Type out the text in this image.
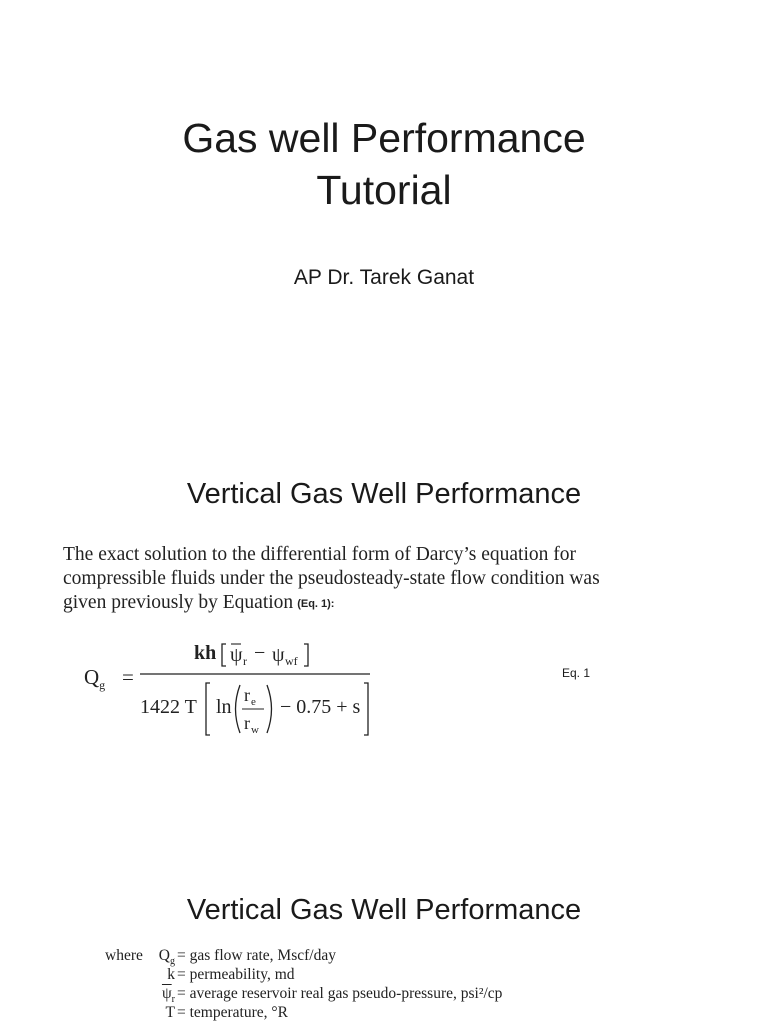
Gas well Performance
Tutorial
AP Dr. Tarek Ganat
Vertical Gas Well Performance
The exact solution to the differential form of Darcy’s equation for
compressible fluids under the pseudosteady-state flow condition was
given previously by Equation (Eq. 1):
$Q_g$ =
kh ψ r − ψ wf
1422 T ln
r e
r w
− 0.75 + s
Eq. 1
Vertical Gas Well Performance
where	$Q_g$ = gas flow rate, Mscf/day
k = permeability, md
$\overline{\psi}_r$ = average reservoir real gas pseudo-pressure, psi²/cp
T = temperature, °R
